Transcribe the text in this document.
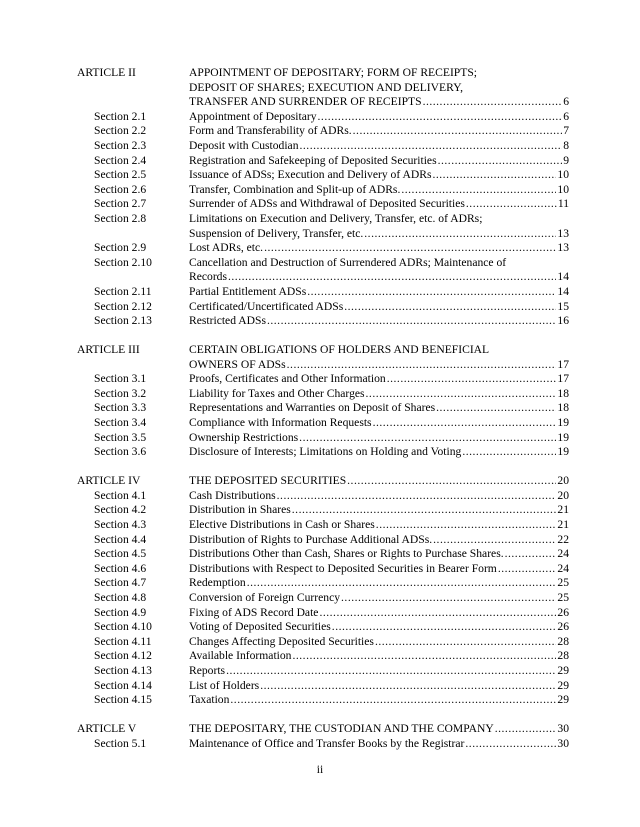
ARTICLE II	APPOINTMENT OF DEPOSITARY; FORM OF RECEIPTS;
DEPOSIT OF SHARES; EXECUTION AND DELIVERY,
TRANSFER AND SURRENDER OF RECEIPTS .....	6
Section 2.1	Appointment of Depositary .....	6
Section 2.2	Form and Transferability of ADRs. .....	7
Section 2.3	Deposit with Custodian .....	8
Section 2.4	Registration and Safekeeping of Deposited Securities .....	9
Section 2.5	Issuance of ADSs; Execution and Delivery of ADRs .....	10
Section 2.6	Transfer, Combination and Split-up of ADRs. .....	10
Section 2.7	Surrender of ADSs and Withdrawal of Deposited Securities .....	11
Section 2.8	Limitations on Execution and Delivery, Transfer, etc. of ADRs;
Suspension of Delivery, Transfer, etc. .....	13
Section 2.9	Lost ADRs, etc. .....	13
Section 2.10	Cancellation and Destruction of Surrendered ADRs; Maintenance of
Records .....	14
Section 2.11	Partial Entitlement ADSs .....	14
Section 2.12	Certificated/Uncertificated ADSs .....	15
Section 2.13	Restricted ADSs .....	16
ARTICLE III	CERTAIN OBLIGATIONS OF HOLDERS AND BENEFICIAL
OWNERS OF ADSs .....	17
Section 3.1	Proofs, Certificates and Other Information .....	17
Section 3.2	Liability for Taxes and Other Charges .....	18
Section 3.3	Representations and Warranties on Deposit of Shares .....	18
Section 3.4	Compliance with Information Requests .....	19
Section 3.5	Ownership Restrictions .....	19
Section 3.6	Disclosure of Interests; Limitations on Holding and Voting .....	19
ARTICLE IV	THE DEPOSITED SECURITIES .....	20
Section 4.1	Cash Distributions .....	20
Section 4.2	Distribution in Shares .....	21
Section 4.3	Elective Distributions in Cash or Shares .....	21
Section 4.4	Distribution of Rights to Purchase Additional ADSs. .....	22
Section 4.5	Distributions Other than Cash, Shares or Rights to Purchase Shares. .....	24
Section 4.6	Distributions with Respect to Deposited Securities in Bearer Form .....	24
Section 4.7	Redemption .....	25
Section 4.8	Conversion of Foreign Currency .....	25
Section 4.9	Fixing of ADS Record Date .....	26
Section 4.10	Voting of Deposited Securities .....	26
Section 4.11	Changes Affecting Deposited Securities .....	28
Section 4.12	Available Information .....	28
Section 4.13	Reports .....	29
Section 4.14	List of Holders .....	29
Section 4.15	Taxation .....	29
ARTICLE V	THE DEPOSITARY, THE CUSTODIAN AND THE COMPANY .....	30
Section 5.1	Maintenance of Office and Transfer Books by the Registrar .....	30
ii
